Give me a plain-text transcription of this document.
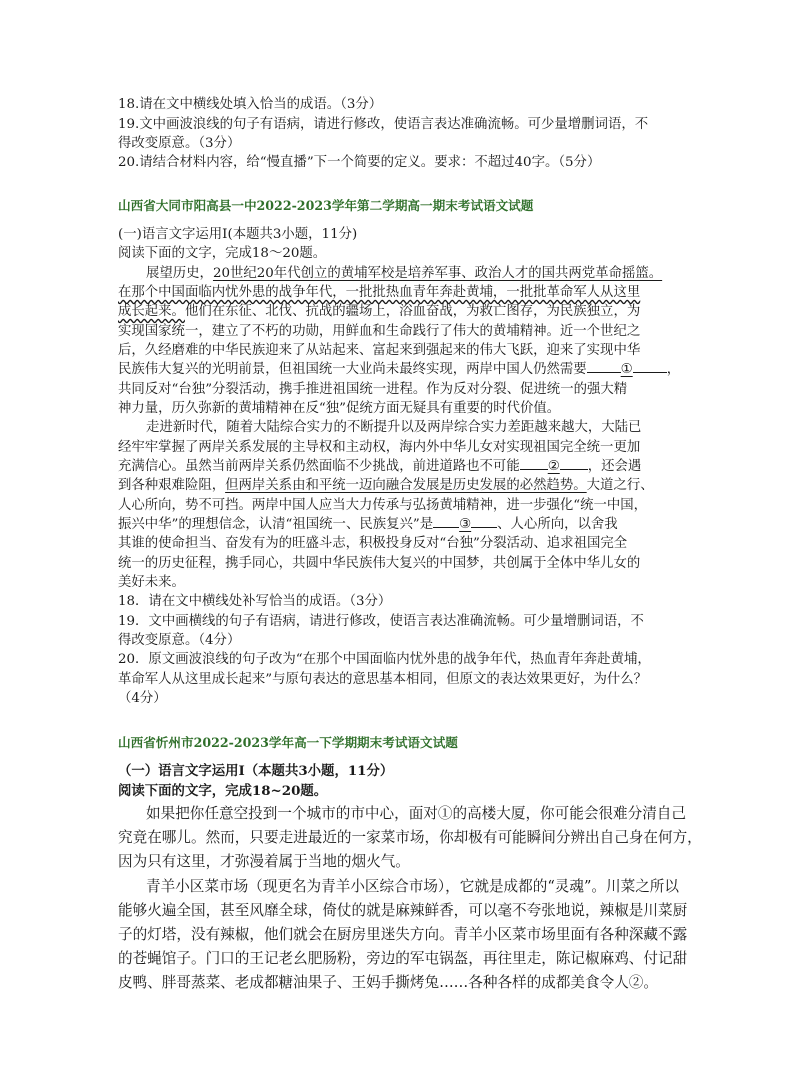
18.请在文中横线处填入恰当的成语。（3分）
19.文中画波浪线的句子有语病，请进行修改，使语言表达准确流畅。可少量增删词语，不
得改变原意。（3分）
20.请结合材料内容，给“慢直播”下一个简要的定义。要求：不超过40字。（5分）
山西省大同市阳高县一中2022-2023学年第二学期高一期末考试语文试题
(一)语言文字运用Ⅰ(本题共3小题，11分)
阅读下面的文字，完成18～20题。
展望历史，20世纪20年代创立的黄埔军校是培养军事、政治人才的国共两党革命摇篮。
在那个中国面临内忧外患的战争年代，一批批热血青年奔赴黄埔，一批批革命军人从这里
成长起来。他们在东征、北伐、抗战的疆场上，浴血奋战，为救亡图存，为民族独立，为
实现国家统一，建立了不朽的功勋，用鲜血和生命践行了伟大的黄埔精神。近一个世纪之
后，久经磨难的中华民族迎来了从站起来、富起来到强起来的伟大飞跃，迎来了实现中华
民族伟大复兴的光明前景，但祖国统一大业尚未最终实现，两岸中国人仍然需要	①	，
共同反对“台独”分裂活动，携手推进祖国统一进程。作为反对分裂、促进统一的强大精
神力量，历久弥新的黄埔精神在反“独”促统方面无疑具有重要的时代价值。
走进新时代，随着大陆综合实力的不断提升以及两岸综合实力差距越来越大，大陆已
经牢牢掌握了两岸关系发展的主导权和主动权，海内外中华儿女对实现祖国完全统一更加
充满信心。虽然当前两岸关系仍然面临不少挑战，前进道路也不可能 ② ，还会遇
到各种艰难险阻，但两岸关系由和平统一迈向融合发展是历史发展的必然趋势。大道之行、
人心所向，势不可挡。两岸中国人应当大力传承与弘扬黄埔精神，进一步强化“统一中国，
振兴中华”的理想信念，认清“祖国统一、民族复兴”是 ③ 、人心所向，以舍我
其谁的使命担当、奋发有为的旺盛斗志，积极投身反对“台独”分裂活动、追求祖国完全
统一的历史征程，携手同心，共圆中华民族伟大复兴的中国梦，共创属于全体中华儿女的
美好未来。
18．请在文中横线处补写恰当的成语。（3分）
19．文中画横线的句子有语病，请进行修改，使语言表达准确流畅。可少量增删词语，不
得改变原意。（4分）
20．原文画波浪线的句子改为“在那个中国面临内忧外患的战争年代，热血青年奔赴黄埔，
革命军人从这里成长起来”与原句表达的意思基本相同，但原文的表达效果更好，为什么？
（4分）
山西省忻州市2022-2023学年高一下学期期末考试语文试题
（一）语言文字运用Ⅰ（本题共3小题，11分）
阅读下面的文字，完成18~20题。
如果把你任意空投到一个城市的市中心，面对①的高楼大厦，你可能会很难分清自己
究竟在哪儿。然而，只要走进最近的一家菜市场，你却极有可能瞬间分辨出自己身在何方，
因为只有这里，才弥漫着属于当地的烟火气。
青羊小区菜市场（现更名为青羊小区综合市场），它就是成都的“灵魂”。川菜之所以
能够火遍全国，甚至风靡全球，倚仗的就是麻辣鲜香，可以毫不夸张地说，辣椒是川菜厨
子的灯塔，没有辣椒，他们就会在厨房里迷失方向。青羊小区菜市场里面有各种深藏不露
的苍蝇馆子。门口的王记老幺肥肠粉，旁边的军屯锅盔，再往里走，陈记椒麻鸡、付记甜
皮鸭、胖哥蒸菜、老成都糖油果子、王妈手撕烤兔……各种各样的成都美食令人②。
